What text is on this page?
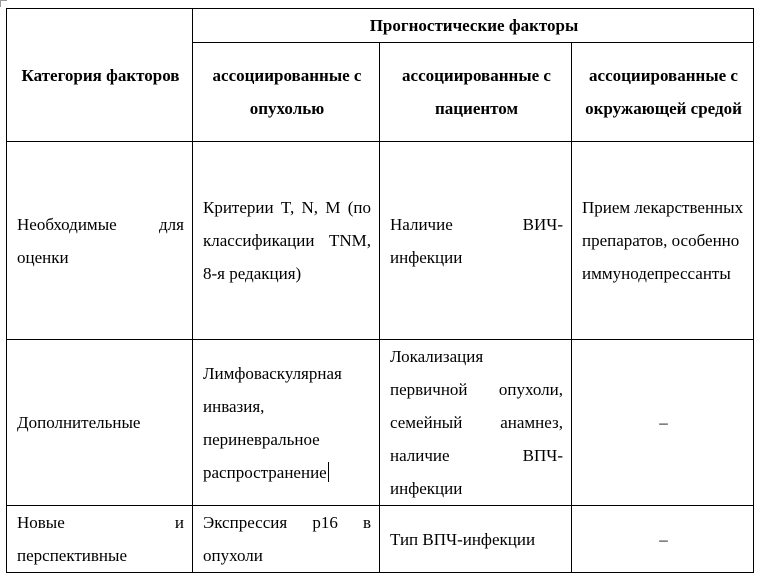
Категория факторов	Прогностические факторы		
	ассоциированные с опухолью	ассоциированные с пациентом	ассоциированные с окружающей средой
Необходимые для оценки	Критерии T, N, M (по классификации TNM, 8-я редакция)	Наличие ВИЧ-инфекции	Прием лекарственных препаратов, особенно иммунодепрессанты
Дополнительные	Лимфоваскулярная инвазия, периневральное распространение	Локализация первичной опухоли, семейный анамнез, наличие ВПЧ-инфекции	–
Новые и перспективные	Экспрессия p16 в опухоли	Тип ВПЧ-инфекции	–
